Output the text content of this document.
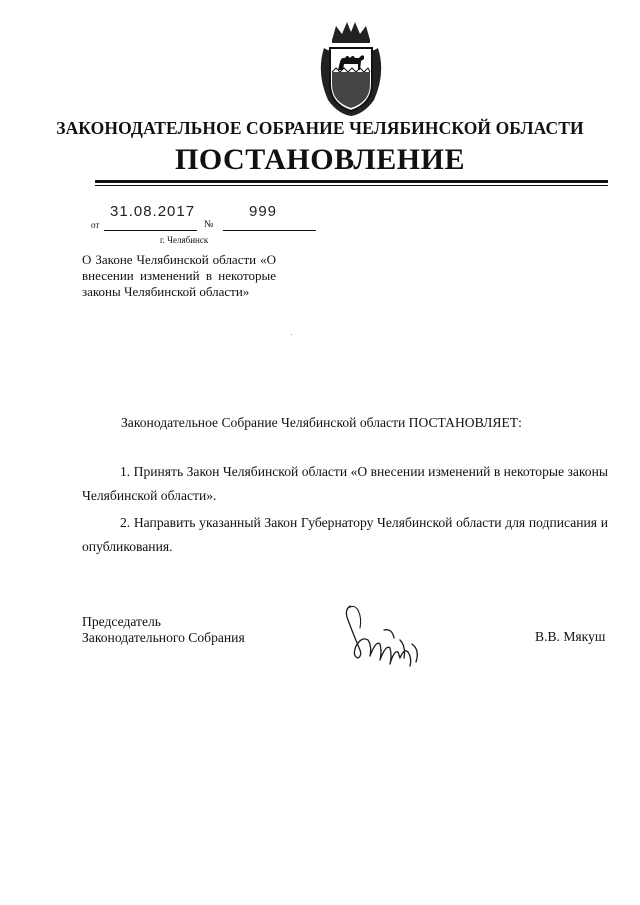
ЗАКОНОДАТЕЛЬНОЕ СОБРАНИЕ ЧЕЛЯБИНСКОЙ ОБЛАСТИ
ПОСТАНОВЛЕНИЕ
от
31.08.2017
№
999
г. Челябинск
О Законе Челябинской области «О внесении изменений в некоторые законы Челябинской области»
Законодательное Собрание Челябинской области ПОСТАНОВЛЯЕТ:
1. Принять Закон Челябинской области «О внесении изменений в некоторые законы Челябинской области».
2. Направить указанный Закон Губернатору Челябинской области для подписания и опубликования.
Председатель
Законодательного Собрания	В.В. Мякуш
